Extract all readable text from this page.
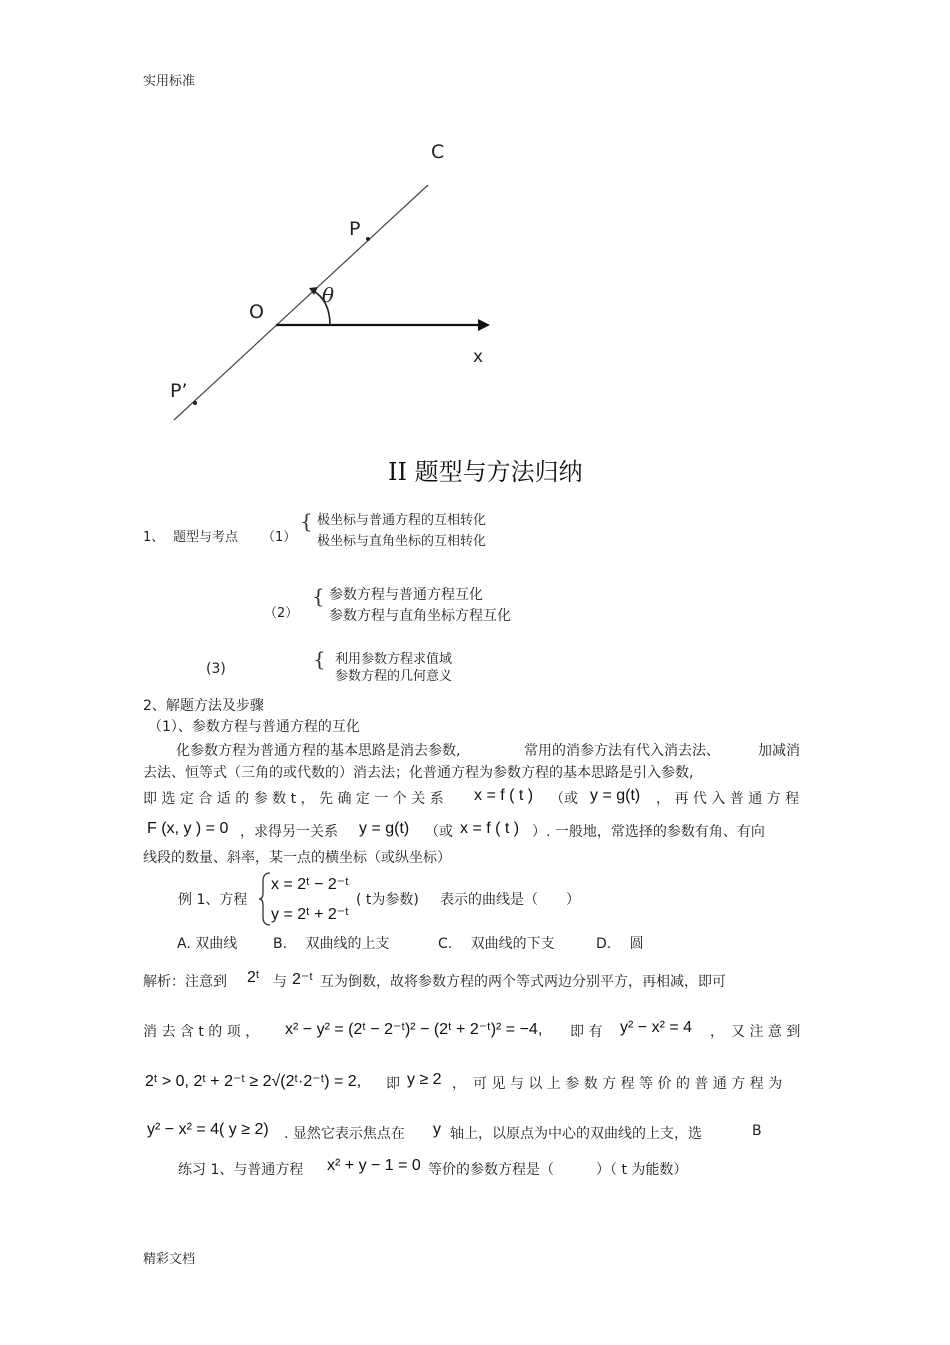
实用标准
精彩文档
C
P
O
θ
x
P’
II 题型与方法归纳
1、 题型与考点 （1）
{ 极坐标与普通方程的互相转化
极坐标与直角坐标的互相转化
（2）
{ 参数方程与普通方程互化
参数方程与直角坐标方程互化
(3)	{ 利用参数方程求值域
参数方程的几何意义
2、解题方法及步骤
（1）、参数方程与普通方程的互化
化参数方程为普通方程的基本思路是消去参数,	常用的消参方法有代入消去法、	加减消
去法、恒等式（三角的或代数的）消去法；化普通方程为参数方程的基本思路是引入参数,
即 选 定 合 适 的 参 数 t ， 先 确 定 一 个 关 系 x = f ( t ) （或 y = g(t) ， 再 代 入 普 通 方 程
F (x, y ) = 0 ，求得另一关系 y = g(t) （或 x = f ( t ) ）. 一般地，常选择的参数有角、有向
线段的数量、斜率，某一点的横坐标（或纵坐标）
例 1、方程
x = 2ᵗ − 2⁻ᵗ
y = 2ᵗ + 2⁻ᵗ
( t为参数) 表示的曲线是（　　）
A. 双曲线	B.　 双曲线的上支	C.　 双曲线的下支	D.　 圆
解析：注意到 2ᵗ 与 2⁻ᵗ 互为倒数，故将参数方程的两个等式两边分别平方，再相减，即可
消 去 含 t 的 项 ， x² − y² = (2ᵗ − 2⁻ᵗ)² − (2ᵗ + 2⁻ᵗ)² = −4, 即 有 y² − x² = 4 ，　又 注 意 到
2ᵗ > 0, 2ᵗ + 2⁻ᵗ ≥ 2√(2ᵗ·2⁻ᵗ) = 2, 即 y ≥ 2 ，　可 见 与 以 上 参 数 方 程 等 价 的 普 通 方 程 为
y² − x² = 4( y ≥ 2) . 显然它表示焦点在 y 轴上，以原点为中心的双曲线的上支，选	B
练习 1、与普通方程 x² + y − 1 = 0 等价的参数方程是（　　　）（ t 为能数）
